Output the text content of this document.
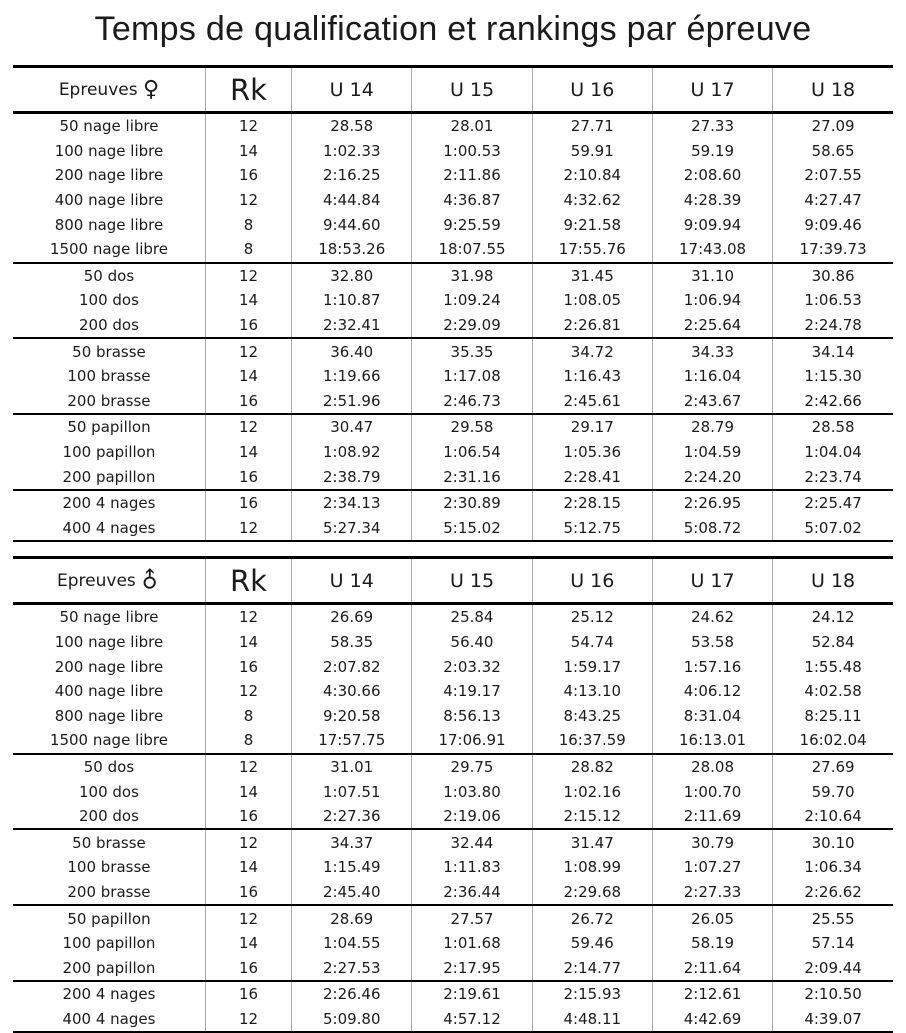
Temps de qualification et rankings par épreuve
Epreuves ♀	Rk	U 14	U 15	U 16	U 17	U 18
50 nage libre	12	28.58	28.01	27.71	27.33	27.09
100 nage libre	14	1:02.33	1:00.53	59.91	59.19	58.65
200 nage libre	16	2:16.25	2:11.86	2:10.84	2:08.60	2:07.55
400 nage libre	12	4:44.84	4:36.87	4:32.62	4:28.39	4:27.47
800 nage libre	8	9:44.60	9:25.59	9:21.58	9:09.94	9:09.46
1500 nage libre	8	18:53.26	18:07.55	17:55.76	17:43.08	17:39.73
50 dos	12	32.80	31.98	31.45	31.10	30.86
100 dos	14	1:10.87	1:09.24	1:08.05	1:06.94	1:06.53
200 dos	16	2:32.41	2:29.09	2:26.81	2:25.64	2:24.78
50 brasse	12	36.40	35.35	34.72	34.33	34.14
100 brasse	14	1:19.66	1:17.08	1:16.43	1:16.04	1:15.30
200 brasse	16	2:51.96	2:46.73	2:45.61	2:43.67	2:42.66
50 papillon	12	30.47	29.58	29.17	28.79	28.58
100 papillon	14	1:08.92	1:06.54	1:05.36	1:04.59	1:04.04
200 papillon	16	2:38.79	2:31.16	2:28.41	2:24.20	2:23.74
200 4 nages	16	2:34.13	2:30.89	2:28.15	2:26.95	2:25.47
400 4 nages	12	5:27.34	5:15.02	5:12.75	5:08.72	5:07.02
Epreuves ♂	Rk	U 14	U 15	U 16	U 17	U 18
50 nage libre	12	26.69	25.84	25.12	24.62	24.12
100 nage libre	14	58.35	56.40	54.74	53.58	52.84
200 nage libre	16	2:07.82	2:03.32	1:59.17	1:57.16	1:55.48
400 nage libre	12	4:30.66	4:19.17	4:13.10	4:06.12	4:02.58
800 nage libre	8	9:20.58	8:56.13	8:43.25	8:31.04	8:25.11
1500 nage libre	8	17:57.75	17:06.91	16:37.59	16:13.01	16:02.04
50 dos	12	31.01	29.75	28.82	28.08	27.69
100 dos	14	1:07.51	1:03.80	1:02.16	1:00.70	59.70
200 dos	16	2:27.36	2:19.06	2:15.12	2:11.69	2:10.64
50 brasse	12	34.37	32.44	31.47	30.79	30.10
100 brasse	14	1:15.49	1:11.83	1:08.99	1:07.27	1:06.34
200 brasse	16	2:45.40	2:36.44	2:29.68	2:27.33	2:26.62
50 papillon	12	28.69	27.57	26.72	26.05	25.55
100 papillon	14	1:04.55	1:01.68	59.46	58.19	57.14
200 papillon	16	2:27.53	2:17.95	2:14.77	2:11.64	2:09.44
200 4 nages	16	2:26.46	2:19.61	2:15.93	2:12.61	2:10.50
400 4 nages	12	5:09.80	4:57.12	4:48.11	4:42.69	4:39.07
